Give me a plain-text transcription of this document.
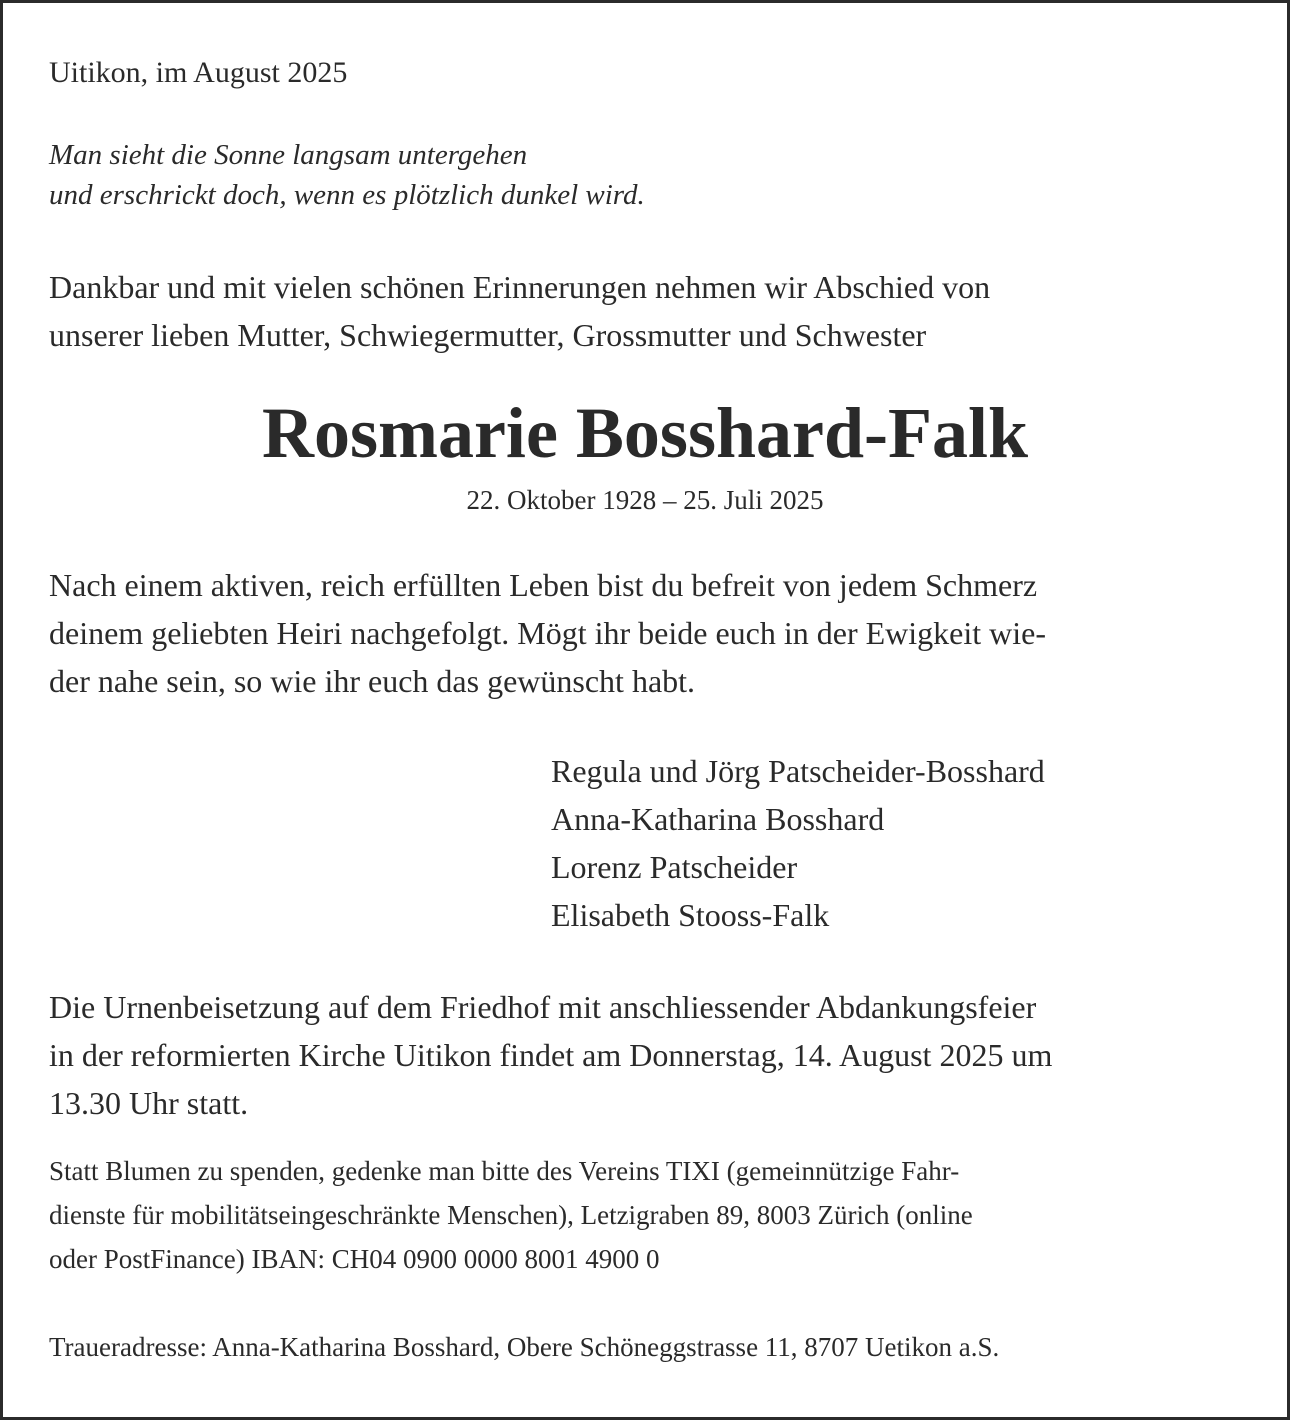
Uitikon, im August 2025

Man sieht die Sonne langsam untergehen
und erschrickt doch, wenn es plötzlich dunkel wird.
Dankbar und mit vielen schönen Erinnerungen nehmen wir Abschied von
unserer lieben Mutter, Schwiegermutter, Grossmutter und Schwester
Rosmarie Bosshard-Falk

22. Oktober 1928 – 25. Juli 2025

Nach einem aktiven, reich erfüllten Leben bist du befreit von jedem Schmerz
deinem geliebten Heiri nachgefolgt. Mögt ihr beide euch in der Ewigkeit wie-
der nahe sein, so wie ihr euch das gewünscht habt.
Regula und Jörg Patscheider-Bosshard
Anna-Katharina Bosshard
Lorenz Patscheider
Elisabeth Stooss-Falk
Die Urnenbeisetzung auf dem Friedhof mit anschliessender Abdankungsfeier
in der reformierten Kirche Uitikon findet am Donnerstag, 14. August 2025 um
13.30 Uhr statt.
Statt Blumen zu spenden, gedenke man bitte des Vereins TIXI (gemeinnützige Fahr-
dienste für mobilitätseingeschränkte Menschen), Letzigraben 89, 8003 Zürich (online
oder PostFinance) IBAN: CH04 0900 0000 8001 4900 0

Traueradresse: Anna-Katharina Bosshard, Obere Schöneggstrasse 11, 8707 Uetikon a.S.
